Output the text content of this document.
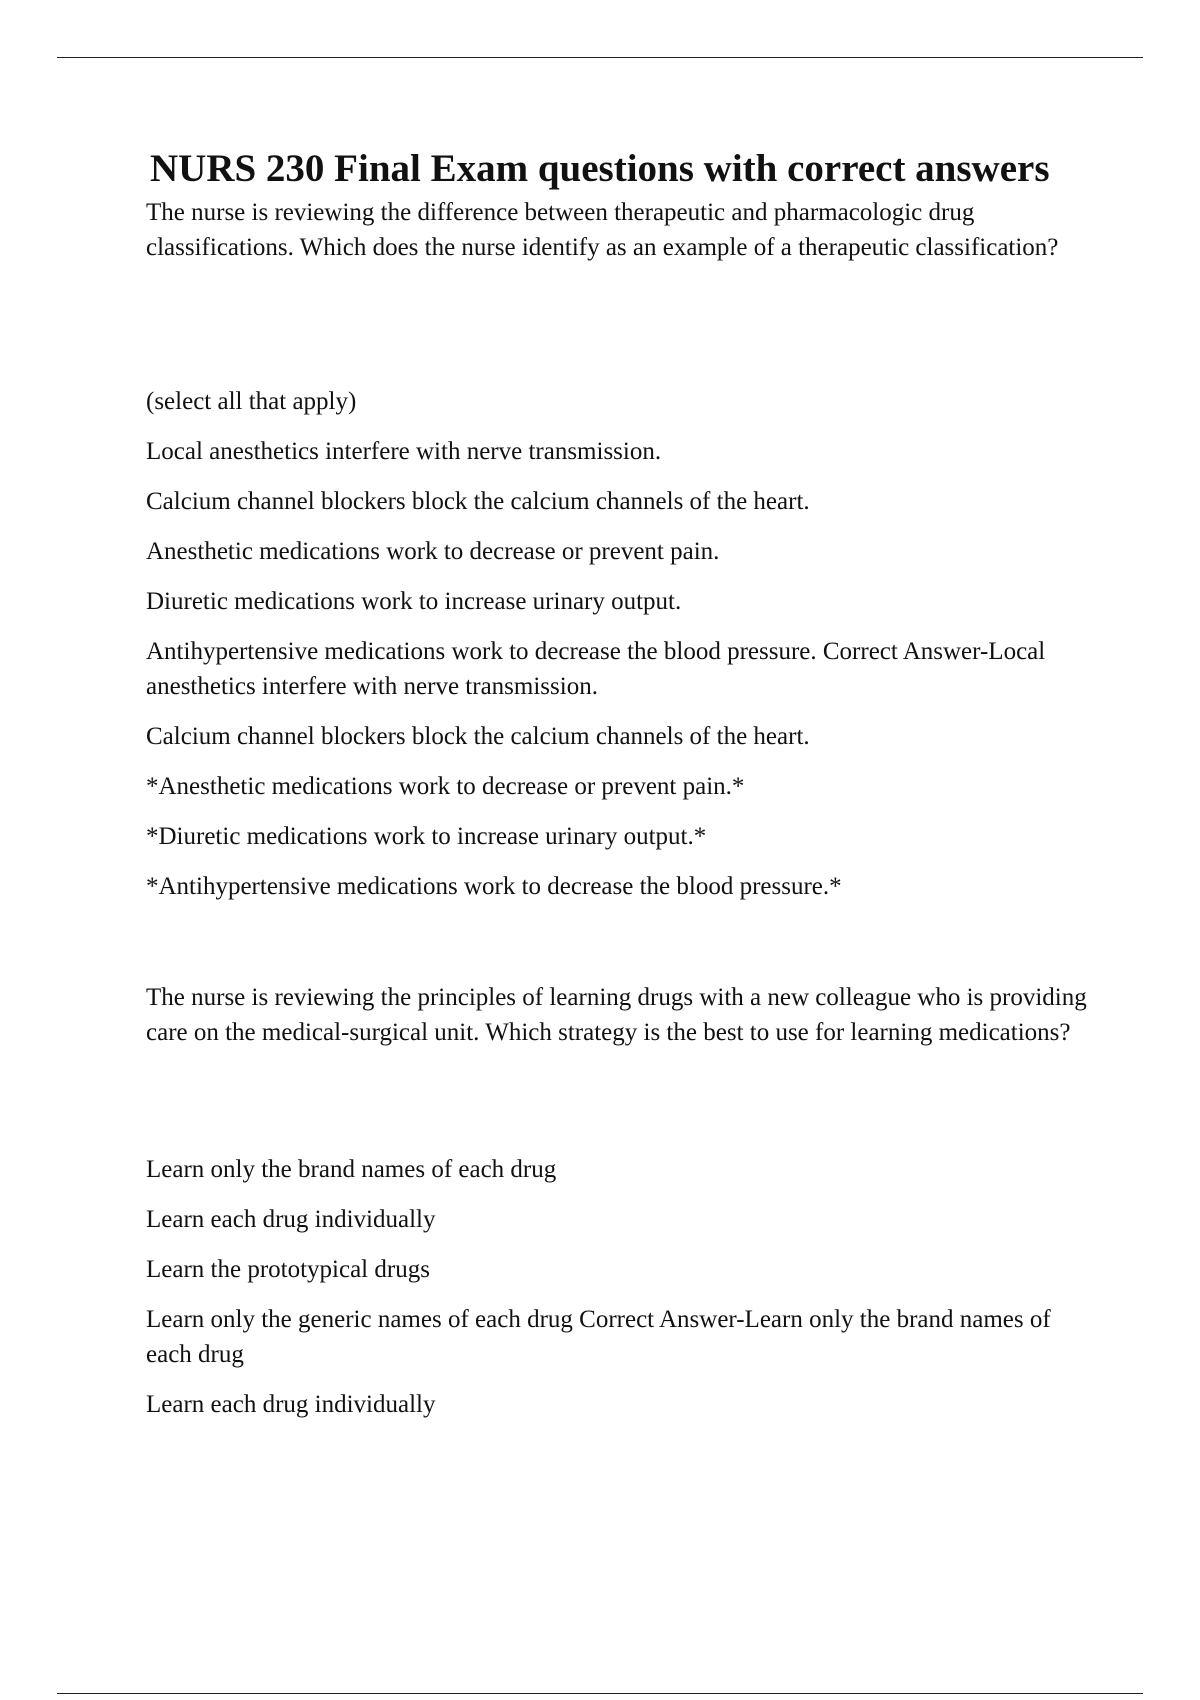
NURS 230 Final Exam questions with correct answers

The nurse is reviewing the difference between therapeutic and pharmacologic drug classifications. Which does the nurse identify as an example of a therapeutic classification?

(select all that apply)

Local anesthetics interfere with nerve transmission.
Calcium channel blockers block the calcium channels of the heart.
Anesthetic medications work to decrease or prevent pain.
Diuretic medications work to increase urinary output.
Antihypertensive medications work to decrease the blood pressure. Correct Answer-Local anesthetics interfere with nerve transmission.
Calcium channel blockers block the calcium channels of the heart.
*Anesthetic medications work to decrease or prevent pain.*
*Diuretic medications work to increase urinary output.*
*Antihypertensive medications work to decrease the blood pressure.*

The nurse is reviewing the principles of learning drugs with a new colleague who is providing care on the medical-surgical unit. Which strategy is the best to use for learning medications?

Learn only the brand names of each drug
Learn each drug individually
Learn the prototypical drugs
Learn only the generic names of each drug Correct Answer-Learn only the brand names of each drug
Learn each drug individually
